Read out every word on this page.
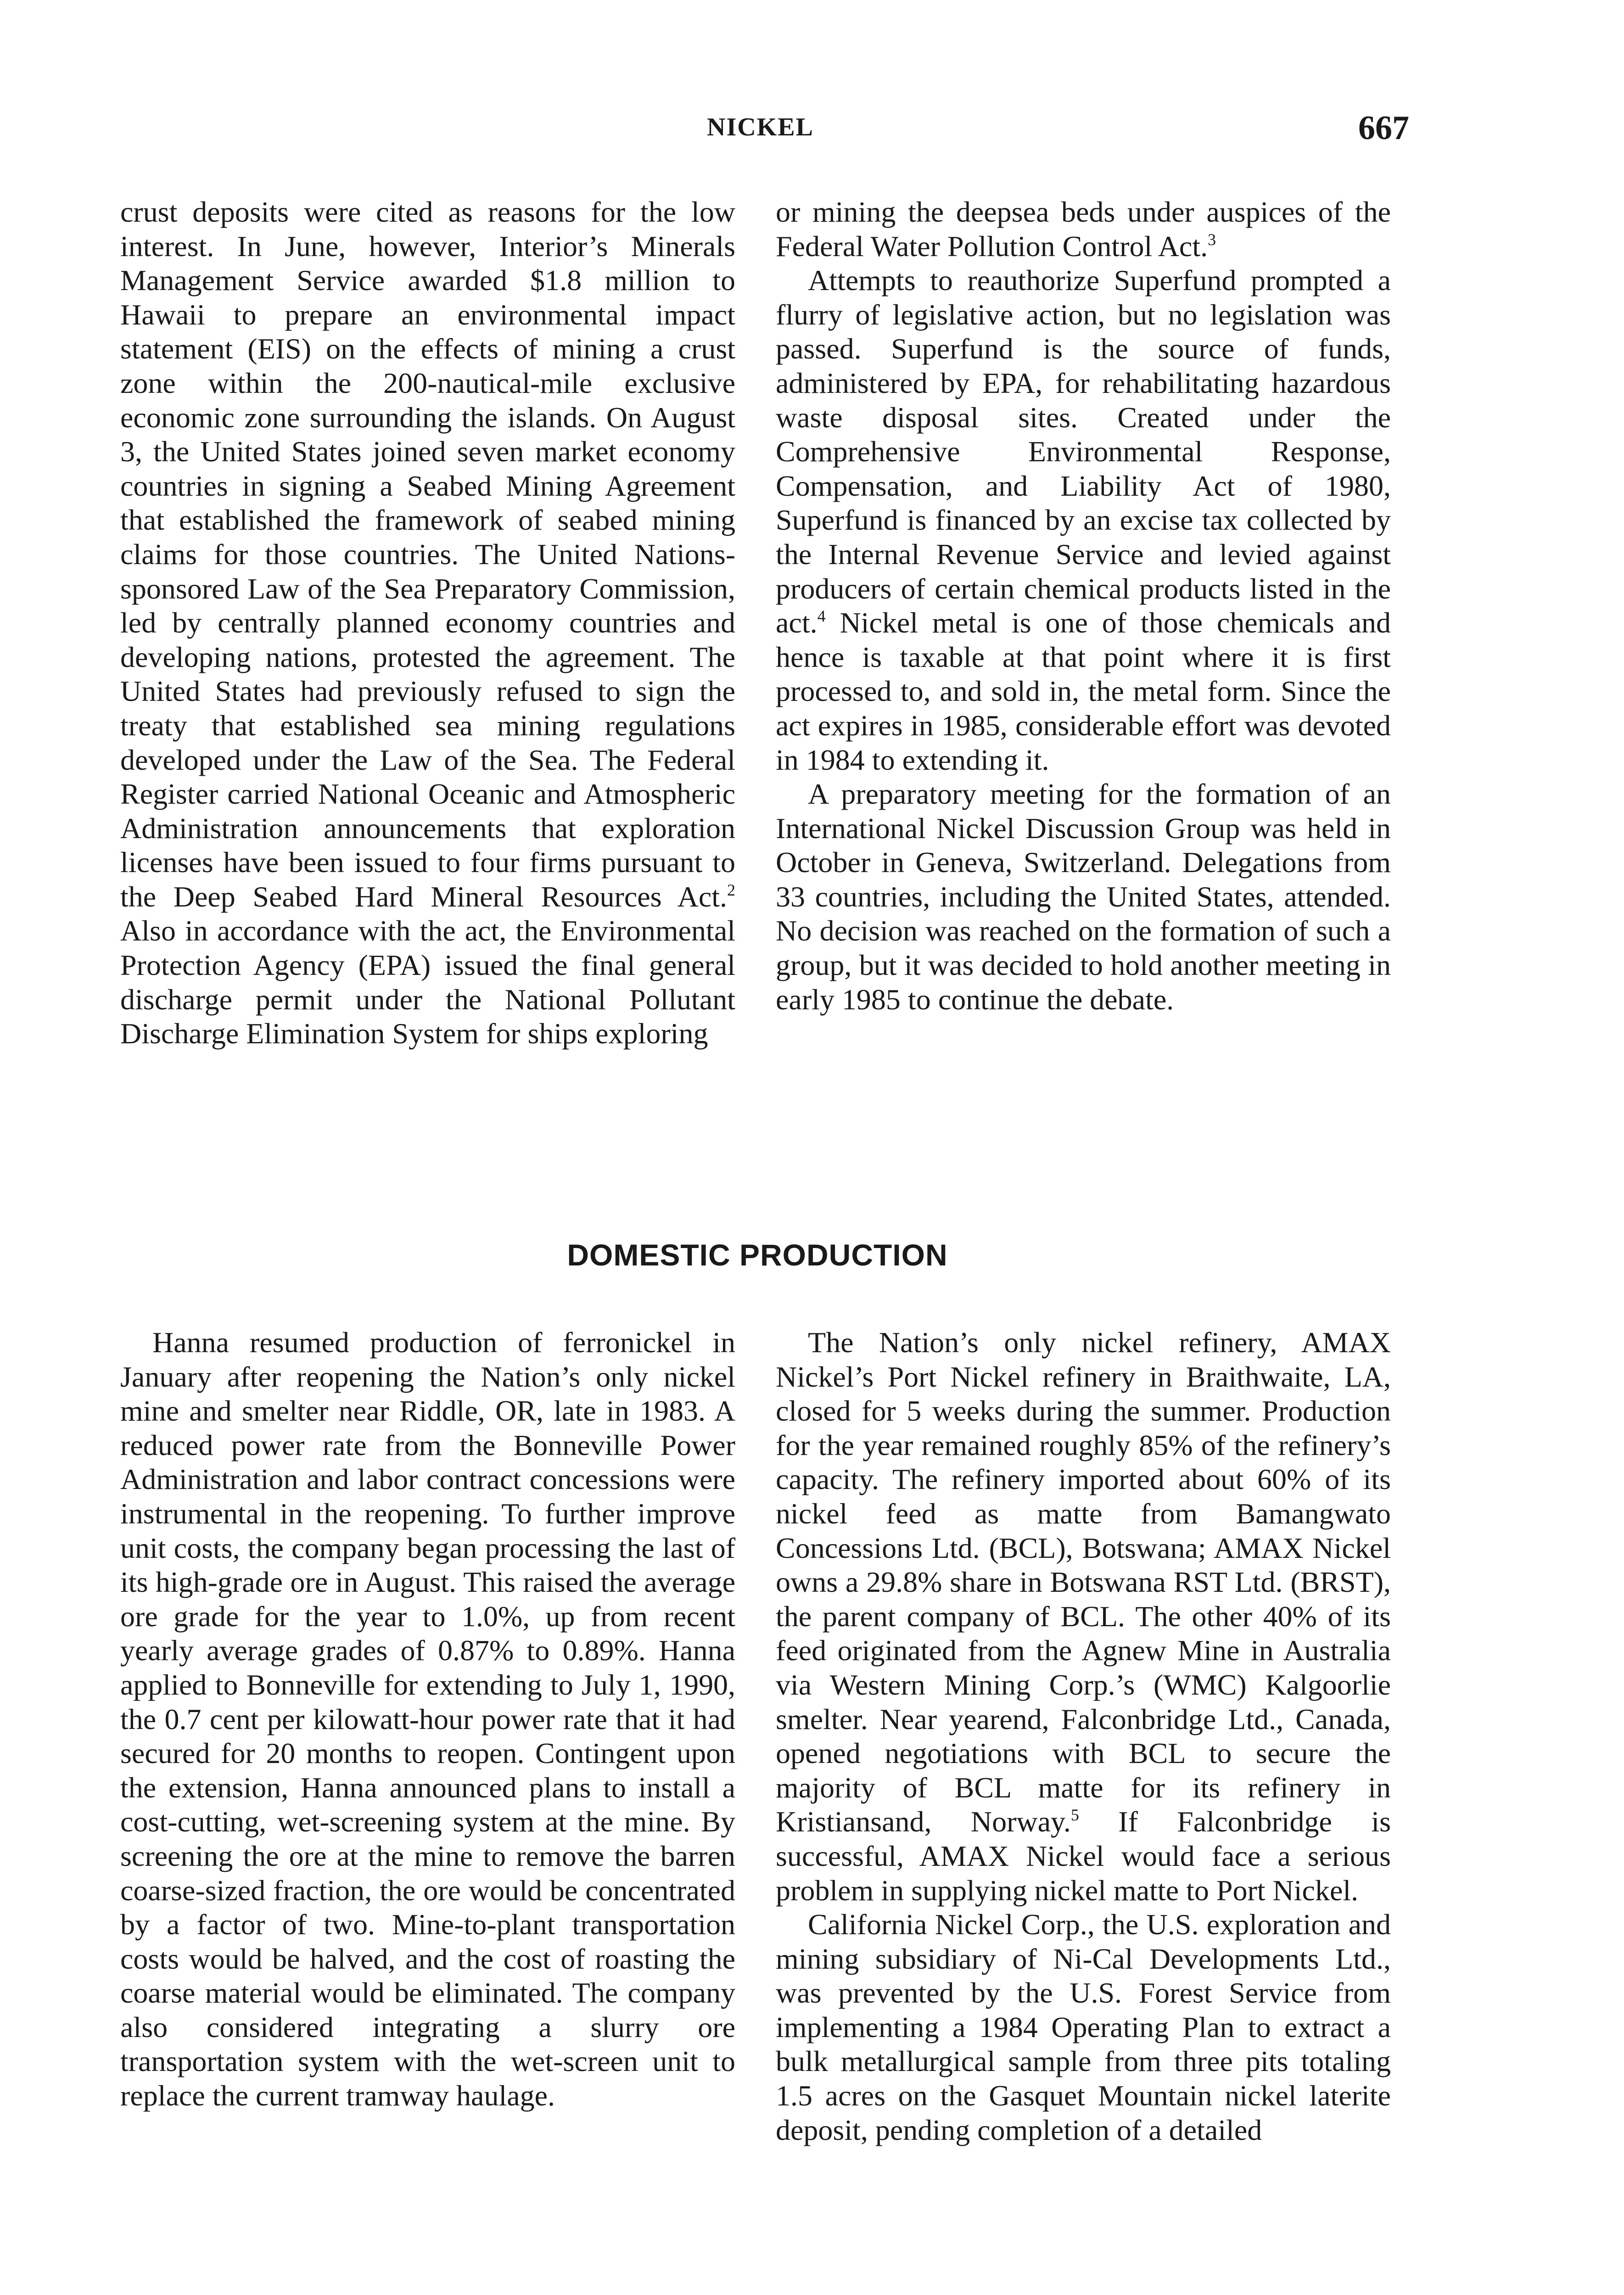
NICKEL	667

crust deposits were cited as reasons for the low interest. In June, however, Interior’s Minerals Management Service awarded $1.8 million to Hawaii to prepare an environmental impact statement (EIS) on the effects of mining a crust zone within the 200-nautical-mile exclusive economic zone surrounding the islands. On August 3, the United States joined seven market economy countries in signing a Seabed Mining Agreement that established the framework of seabed mining claims for those countries. The United Nations-sponsored Law of the Sea Preparatory Commission, led by centrally planned economy countries and developing nations, protested the agreement. The United States had previously refused to sign the treaty that established sea mining regulations developed under the Law of the Sea. The Federal Register carried National Oceanic and Atmospheric Administration announcements that exploration licenses have been issued to four firms pursuant to the Deep Seabed Hard Mineral Resources Act.$^2$ Also in accordance with the act, the Environmental Protection Agency (EPA) issued the final general discharge permit under the National Pollutant Discharge Elimination System for ships exploring

or mining the deepsea beds under auspices of the Federal Water Pollution Control Act.$^3$

Attempts to reauthorize Superfund prompted a flurry of legislative action, but no legislation was passed. Superfund is the source of funds, administered by EPA, for rehabilitating hazardous waste disposal sites. Created under the Comprehensive Environmental Response, Compensation, and Liability Act of 1980, Superfund is financed by an excise tax collected by the Internal Revenue Service and levied against producers of certain chemical products listed in the act.$^4$ Nickel metal is one of those chemicals and hence is taxable at that point where it is first processed to, and sold in, the metal form. Since the act expires in 1985, considerable effort was devoted in 1984 to extending it.

A preparatory meeting for the formation of an International Nickel Discussion Group was held in October in Geneva, Switzerland. Delegations from 33 countries, including the United States, attended. No decision was reached on the formation of such a group, but it was decided to hold another meeting in early 1985 to continue the debate.

DOMESTIC PRODUCTION

Hanna resumed production of ferronickel in January after reopening the Nation’s only nickel mine and smelter near Riddle, OR, late in 1983. A reduced power rate from the Bonneville Power Administration and labor contract concessions were instrumental in the reopening. To further improve unit costs, the company began processing the last of its high-grade ore in August. This raised the average ore grade for the year to 1.0%, up from recent yearly average grades of 0.87% to 0.89%. Hanna applied to Bonneville for extending to July 1, 1990, the 0.7 cent per kilowatt-hour power rate that it had secured for 20 months to reopen. Contingent upon the extension, Hanna announced plans to install a cost-cutting, wet-screening system at the mine. By screening the ore at the mine to remove the barren coarse-sized fraction, the ore would be concentrated by a factor of two. Mine-to-plant transportation costs would be halved, and the cost of roasting the coarse material would be eliminated. The company also considered integrating a slurry ore transportation system with the wet-screen unit to replace the current tramway haulage.

The Nation’s only nickel refinery, AMAX Nickel’s Port Nickel refinery in Braithwaite, LA, closed for 5 weeks during the summer. Production for the year remained roughly 85% of the refinery’s capacity. The refinery imported about 60% of its nickel feed as matte from Bamangwato Concessions Ltd. (BCL), Botswana; AMAX Nickel owns a 29.8% share in Botswana RST Ltd. (BRST), the parent company of BCL. The other 40% of its feed originated from the Agnew Mine in Australia via Western Mining Corp.’s (WMC) Kalgoorlie smelter. Near yearend, Falconbridge Ltd., Canada, opened negotiations with BCL to secure the majority of BCL matte for its refinery in Kristiansand, Norway.$^5$ If Falconbridge is successful, AMAX Nickel would face a serious problem in supplying nickel matte to Port Nickel.

California Nickel Corp., the U.S. exploration and mining subsidiary of Ni-Cal Developments Ltd., was prevented by the U.S. Forest Service from implementing a 1984 Operating Plan to extract a bulk metallurgical sample from three pits totaling 1.5 acres on the Gasquet Mountain nickel laterite deposit, pending completion of a detailed
